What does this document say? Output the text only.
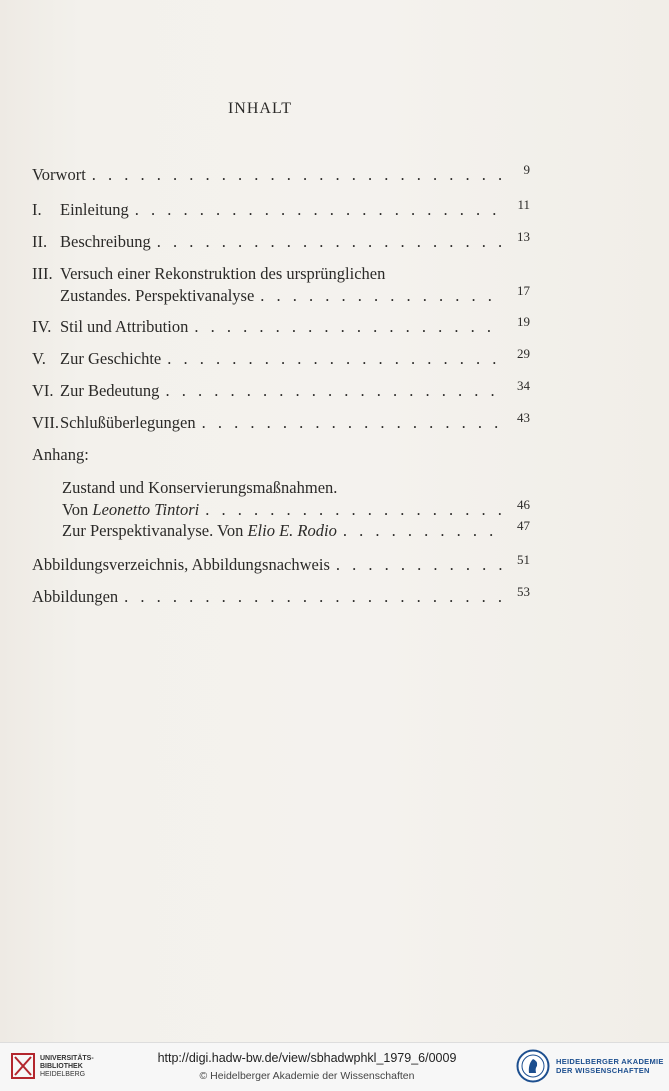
INHALT
Vorwort . . .	9
I.	Einleitung . . .	11
II. Beschreibung . . .	13
III. Versuch einer Rekonstruktion des ursprünglichen
Zustandes. Perspektivanalyse . . .	17
IV. Stil und Attribution . . .	19
V. Zur Geschichte . . .	29
VI. Zur Bedeutung . . .	34
VII. Schlußüberlegungen . . .	43
Anhang:
Zustand und Konservierungsmaßnahmen.
Von Leonetto Tintori . . .	46
Zur Perspektivanalyse. Von Elio E. Rodio . . .	47
Abbildungsverzeichnis, Abbildungsnachweis . . .	51
Abbildungen . . .	53
UNIVERSITÄTS-
BIBLIOTHEK
HEIDELBERG
http://digi.hadw-bw.de/view/sbhadwphkl_1979_6/0009
© Heidelberger Akademie der Wissenschaften
HEIDELBERGER AKADEMIE
DER WISSENSCHAFTEN
